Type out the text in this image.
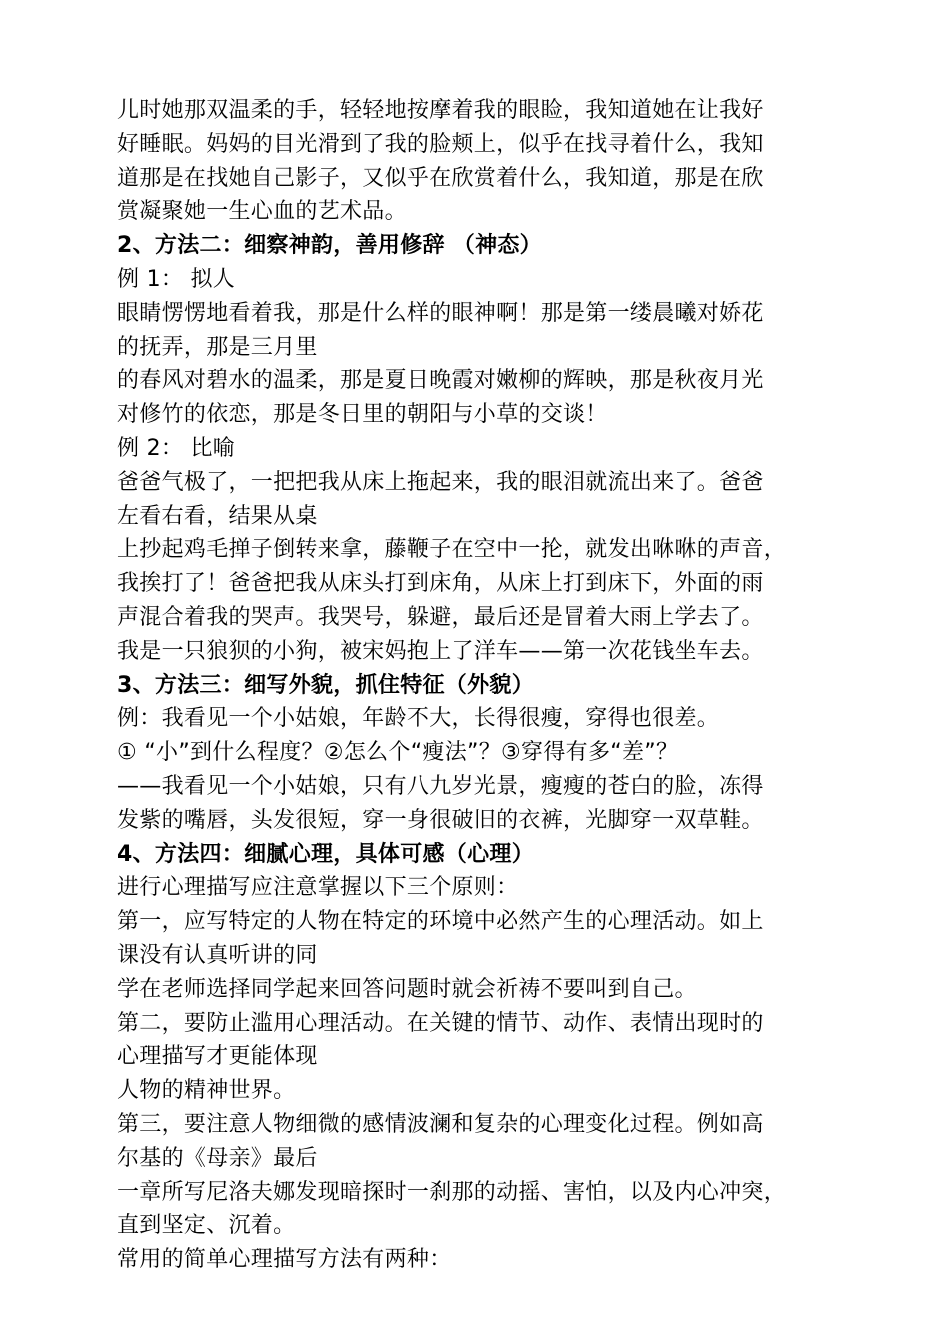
儿时她那双温柔的手，轻轻地按摩着我的眼睑，我知道她在让我好
好睡眠。妈妈的目光滑到了我的脸颊上，似乎在找寻着什么，我知
道那是在找她自己影子，又似乎在欣赏着什么，我知道，那是在欣
赏凝聚她一生心血的艺术品。
2、方法二：细察神韵，善用修辞 （神态）
例 1： 拟人
眼睛愣愣地看着我，那是什么样的眼神啊！那是第一缕晨曦对娇花
的抚弄，那是三月里
的春风对碧水的温柔，那是夏日晚霞对嫩柳的辉映，那是秋夜月光
对修竹的依恋，那是冬日里的朝阳与小草的交谈！
例 2： 比喻
爸爸气极了，一把把我从床上拖起来，我的眼泪就流出来了。爸爸
左看右看，结果从桌
上抄起鸡毛掸子倒转来拿，藤鞭子在空中一抡，就发出咻咻的声音，
我挨打了！爸爸把我从床头打到床角，从床上打到床下，外面的雨
声混合着我的哭声。我哭号，躲避，最后还是冒着大雨上学去了。
我是一只狼狈的小狗，被宋妈抱上了洋车——第一次花钱坐车去。
3、方法三：细写外貌，抓住特征（外貌）
例：我看见一个小姑娘，年龄不大，长得很瘦，穿得也很差。
① “小”到什么程度？②怎么个“瘦法”？③穿得有多“差”？
——我看见一个小姑娘，只有八九岁光景，瘦瘦的苍白的脸，冻得
发紫的嘴唇，头发很短，穿一身很破旧的衣裤，光脚穿一双草鞋。
4、方法四：细腻心理，具体可感（心理）
进行心理描写应注意掌握以下三个原则：
第一，应写特定的人物在特定的环境中必然产生的心理活动。如上
课没有认真听讲的同
学在老师选择同学起来回答问题时就会祈祷不要叫到自己。
第二，要防止滥用心理活动。在关键的情节、动作、表情出现时的
心理描写才更能体现
人物的精神世界。
第三，要注意人物细微的感情波澜和复杂的心理变化过程。例如高
尔基的《母亲》最后
一章所写尼洛夫娜发现暗探时一刹那的动摇、害怕，以及内心冲突，
直到坚定、沉着。
常用的简单心理描写方法有两种：
